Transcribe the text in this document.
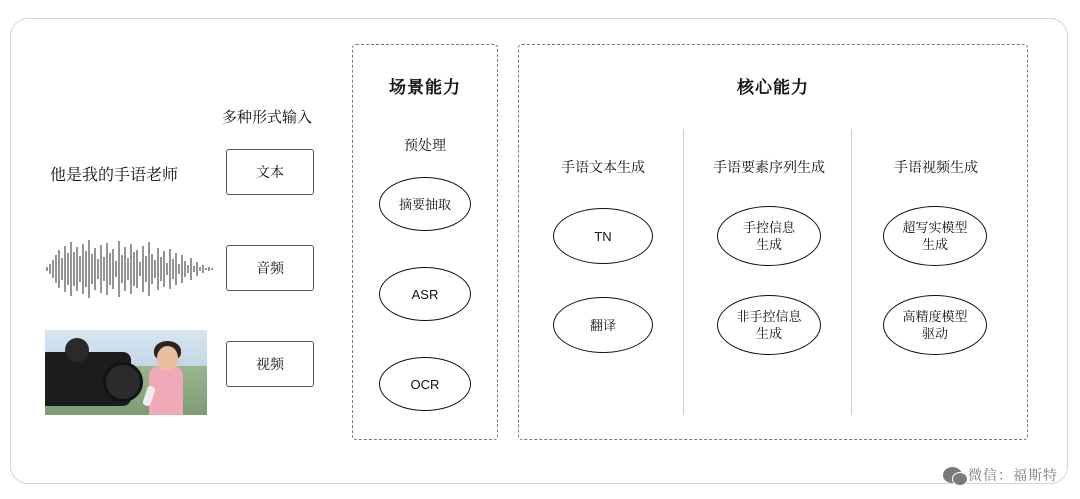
多种形式输入
他是我的手语老师	文本
音频
视频
场景能力
预处理
摘要抽取
ASR
OCR
核心能力
手语文本生成
TN
翻译
手语要素序列生成
手控信息
生成
非手控信息
生成
手语视频生成
超写实模型
生成
高精度模型
驱动
微信：福斯特
